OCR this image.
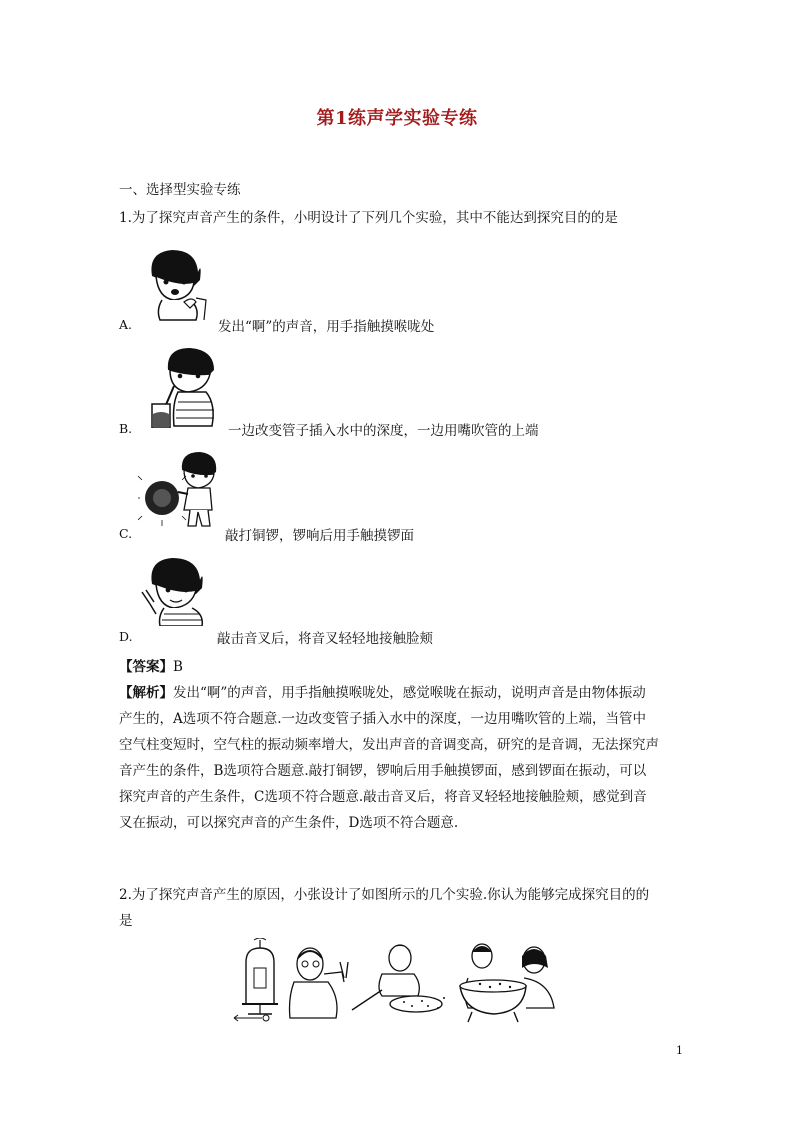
第1练声学实验专练
一、选择型实验专练
1.为了探究声音产生的条件，小明设计了下列几个实验，其中不能达到探究目的的是
A.	发出“啊”的声音，用手指触摸喉咙处
B.	一边改变管子插入水中的深度，一边用嘴吹管的上端
C.	敲打铜锣，锣响后用手触摸锣面
D.	敲击音叉后，将音叉轻轻地接触脸颊
【答案】B
【解析】发出“啊”的声音，用手指触摸喉咙处，感觉喉咙在振动，说明声音是由物体振动
产生的，A选项不符合题意.一边改变管子插入水中的深度，一边用嘴吹管的上端，当管中
空气柱变短时，空气柱的振动频率增大，发出声音的音调变高，研究的是音调，无法探究声
音产生的条件，B选项符合题意.敲打铜锣，锣响后用手触摸锣面，感到锣面在振动，可以
探究声音的产生条件，C选项不符合题意.敲击音叉后，将音叉轻轻地接触脸颊，感觉到音
叉在振动，可以探究声音的产生条件，D选项不符合题意.
2.为了探究声音产生的原因，小张设计了如图所示的几个实验.你认为能够完成探究目的的
是
1
